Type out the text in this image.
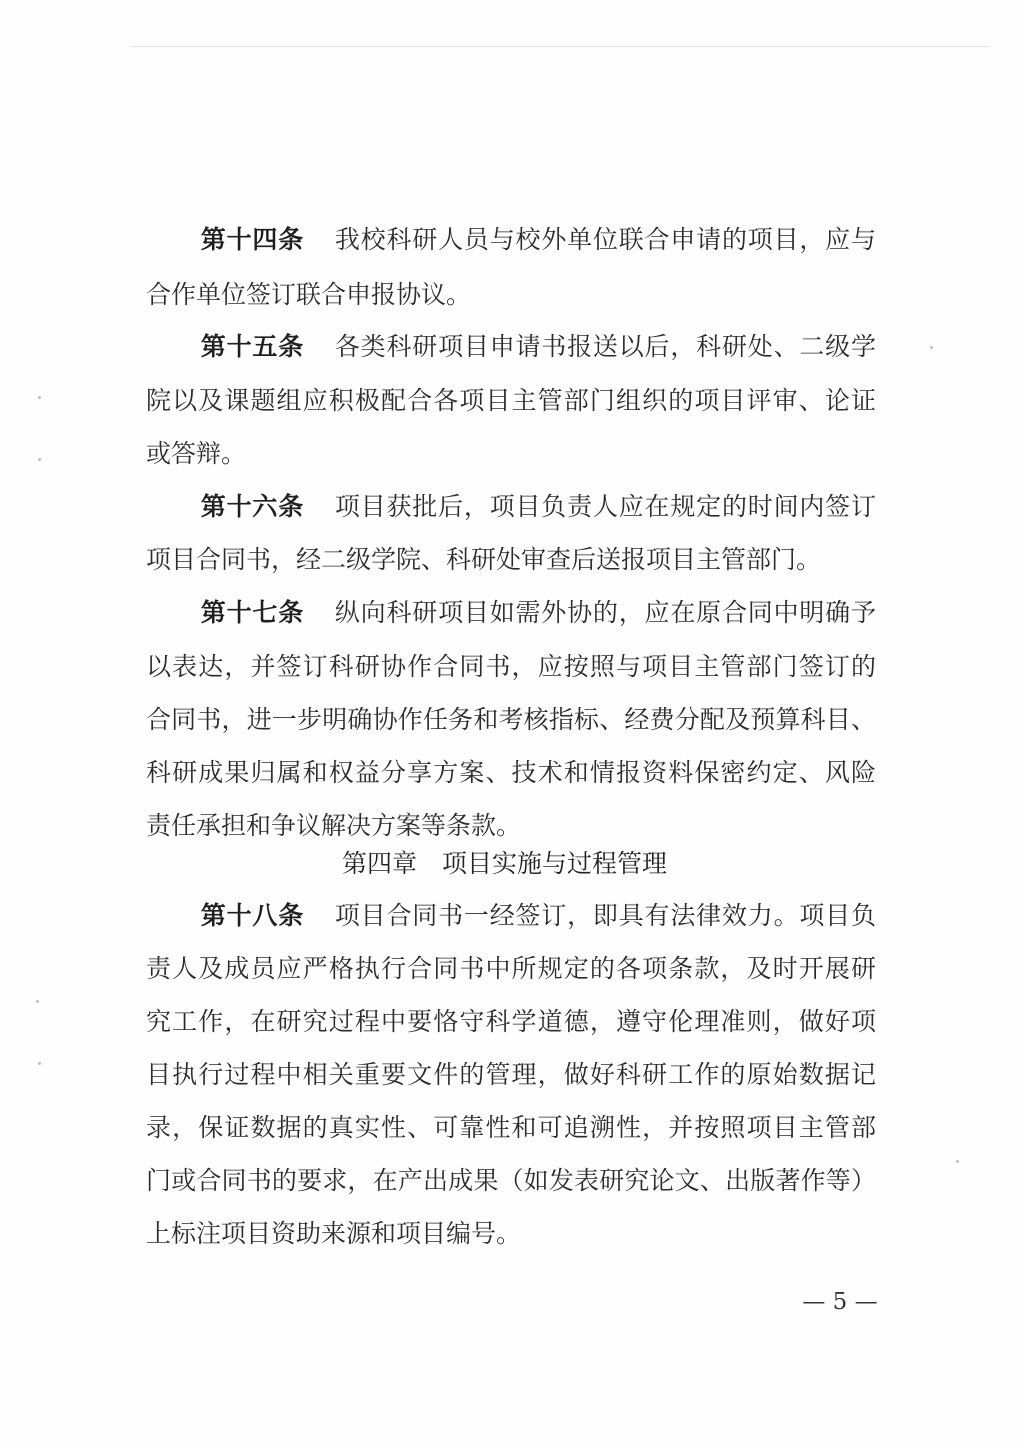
第十四条 我校科研人员与校外单位联合申请的项目，应与
合作单位签订联合申报协议。
第十五条 各类科研项目申请书报送以后，科研处、二级学
院以及课题组应积极配合各项目主管部门组织的项目评审、论证
或答辩。
第十六条 项目获批后，项目负责人应在规定的时间内签订
项目合同书，经二级学院、科研处审查后送报项目主管部门。
第十七条 纵向科研项目如需外协的，应在原合同中明确予
以表达，并签订科研协作合同书，应按照与项目主管部门签订的
合同书，进一步明确协作任务和考核指标、经费分配及预算科目、
科研成果归属和权益分享方案、技术和情报资料保密约定、风险
责任承担和争议解决方案等条款。
第四章　项目实施与过程管理
第十八条 项目合同书一经签订，即具有法律效力。项目负
责人及成员应严格执行合同书中所规定的各项条款，及时开展研
究工作，在研究过程中要恪守科学道德，遵守伦理准则，做好项
目执行过程中相关重要文件的管理，做好科研工作的原始数据记
录，保证数据的真实性、可靠性和可追溯性，并按照项目主管部
门或合同书的要求，在产出成果（如发表研究论文、出版著作等）
上标注项目资助来源和项目编号。
— 5 —
